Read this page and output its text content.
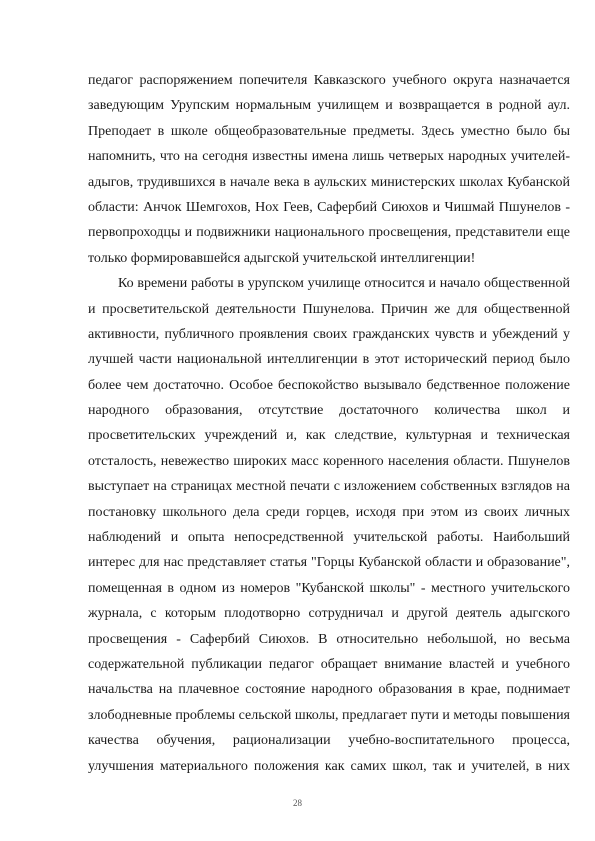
педагог распоряжением попечителя Кавказского учебного округа назначается
заведующим Урупским нормальным училищем и возвращается в родной аул.
Преподает в школе общеобразовательные предметы. Здесь уместно было бы
напомнить, что на сегодня известны имена лишь четверых народных учителей-
адыгов, трудившихся в начале века в аульских министерских школах Кубанской
области: Анчок Шемгохов, Нох Геев, Сафербий Сиюхов и Чишмай Пшунелов -
первопроходцы и подвижники национального просвещения, представители еще
только формировавшейся адыгской учительской интеллигенции!
Ко времени работы в урупском училище относится и начало общественной
и просветительской деятельности Пшунелова. Причин же для общественной
активности, публичного проявления своих гражданских чувств и убеждений у
лучшей части национальной интеллигенции в этот исторический период было
более чем достаточно. Особое беспокойство вызывало бедственное положение
народного образования, отсутствие достаточного количества школ и
просветительских учреждений и, как следствие, культурная и техническая
отсталость, невежество широких масс коренного населения области. Пшунелов
выступает на страницах местной печати с изложением собственных взглядов на
постановку школьного дела среди горцев, исходя при этом из своих личных
наблюдений и опыта непосредственной учительской работы. Наибольший
интерес для нас представляет статья "Горцы Кубанской области и образование",
помещенная в одном из номеров "Кубанской школы" - местного учительского
журнала, с которым плодотворно сотрудничал и другой деятель адыгского
просвещения - Сафербий Сиюхов. В относительно небольшой, но весьма
содержательной публикации педагог обращает внимание властей и учебного
начальства на плачевное состояние народного образования в крае, поднимает
злободневные проблемы сельской школы, предлагает пути и методы повышения
качества обучения, рационализации учебно-воспитательного процесса,
улучшения материального положения как самих школ, так и учителей, в них
28
